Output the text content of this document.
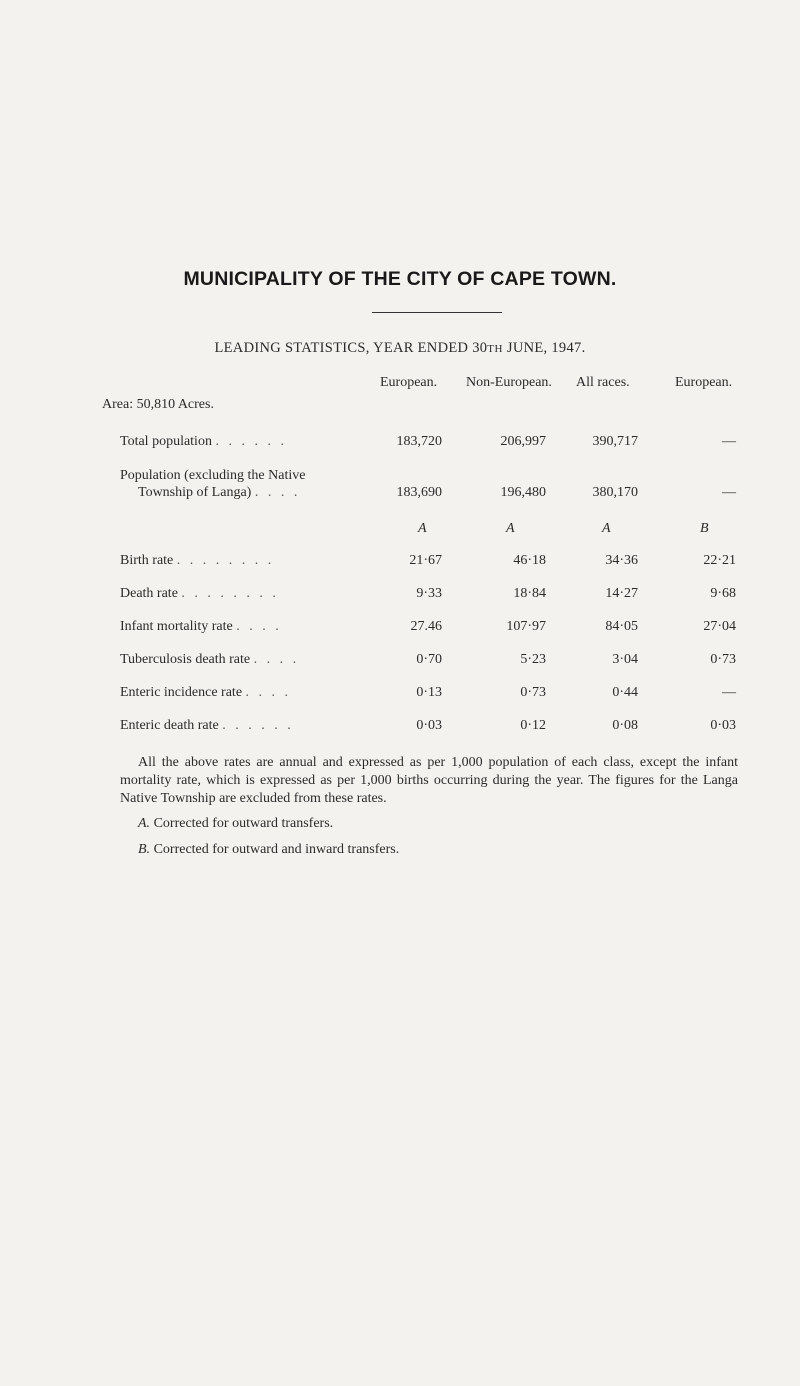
MUNICIPALITY OF THE CITY OF CAPE TOWN.
LEADING STATISTICS, YEAR ENDED 30TH JUNE, 1947.
European. Non-European. All races.	European.
Area: 50,810 Acres.
Total population . . . . . .	183,720	206,997	390,717	—
Population (excluding the Native
Township of Langa) . . . .	183,690	196,480	380,170	—
A	A	A	B
Birth rate . . . . . . . .	21·67	46·18	34·36	22·21
Death rate . . . . . . . .	9·33	18·84	14·27	9·68
Infant mortality rate . . . .	27.46	107·97	84·05	27·04
Tuberculosis death rate . . . .	0·70	5·23	3·04	0·73
Enteric incidence rate . . . .	0·13	0·73	0·44	—
Enteric death rate . . . . . .	0·03	0·12	0·08	0·03
All the above rates are annual and expressed as per 1,000 population of each class, except the infant mortality rate, which is expressed as per 1,000 births occurring during the year. The figures for the Langa Native Township are excluded from these rates.
A. Corrected for outward transfers.
B. Corrected for outward and inward transfers.
